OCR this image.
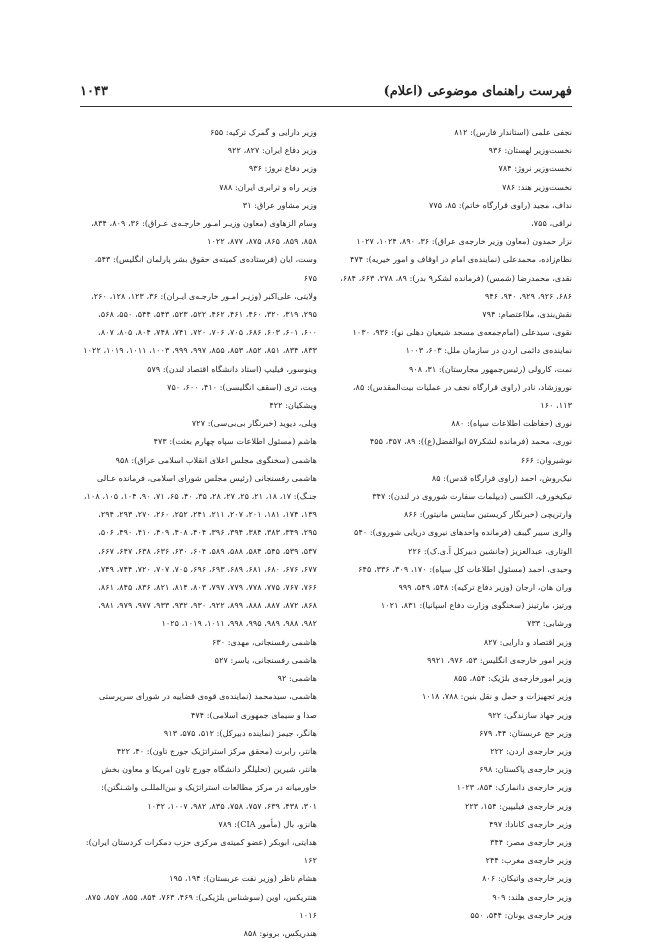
فهرست راهنمای موضوعی (اعلام)
۱۰۴۳
نجفی علمی (استاندار فارس): ۸۱۲
نخست‌وزیر لهستان: ۹۳۶
نخست‌وزیر نروژ: ۷۸۴
نخست‌وزیر هند: ۷۸۶
نداف، مجید (راوی قرارگاه خاتم): ۸۵، ۷۷۵
نراقی، ۷۵۵،
نزار حمدون (معاون وزیر خارجه‌ی عراق): ۳۶، ۸۹۰، ۱۰۲۴، ۱۰۲۷
نظام‌زاده، محمدعلی (نماینده‌ی امام در اوقاف و امور خیریه): ۴۷۴
نقدی، محمدرضا (شمس) (فرمانده لشکر۹ بدر): ۸۹، ۲۷۸، ۶۶۳، ۶۸۴، ۶۸۶، ۹۲۶، ۹۲۹، ۹۴۰، ۹۴۶
نقش‌بندی، ملااعتصام: ۷۹۴
نقوی، سیدعلی (امام‌جمعه‌ی مسجد شیعیان دهلی نو): ۹۳۶، ۱۰۳۰
نماینده‌ی دائمی اردن در سازمان ملل: ۶۰۳، ۱۰۰۳
نمت، کارولی (رئیس‌جمهور مجارستان): ۳۱، ۹۰۸
نوروزشاد، نادر (راوی قرارگاه نجف در عملیات بیت‌المقدس): ۸۵، ۱۱۳، ۱۶۰
نوری (حفاظت اطلاعات سپاه): ۸۸۰
نوری، محمد (فرمانده لشکر۵۷ ابوالفضل(ع)): ۸۹، ۳۵۷، ۴۵۵
نوشیروان: ۶۶۶
نیک‌روش، احمد (راوی قرارگاه قدس): ۸۵
نیکیخورف، الکسی (دیپلمات سفارت شوروی در لندن): ۳۴۷
وارتریچی (خبرنگار کریستین ساینس مانیتور): ۸۶۶
والری سیبر گیبف (فرمانده واحدهای نیروی دریایی شوروی): ۵۴۰
الوتاری، عبدالعزیز (جانشین دبیرکل آ.ی.ک): ۲۲۶
وحیدی، احمد (مسئول اطلاعات کل سپاه): ۱۷۰، ۳۰۹، ۳۳۶، ۶۴۵
وران هان، ارجان (وزیر دفاع ترکیه): ۵۴۸، ۵۴۹، ۹۹۹
ورتیز، مارتینز (سخنگوی وزارت دفاع اسپانیا): ۸۳۱، ۱۰۲۱
ورشابی: ۷۳۳
وزیر اقتصاد و دارایی: ۸۲۷
وزیر امور خارجه‌ی انگلیس: ۵۳، ۹۷۶، ۹۹۲۱
وزیر امورخارجه‌ی بلژیک: ۸۵۴، ۸۵۵
وزیر تجهیزات و حمل و نقل بنین: ۷۸۸، ۱۰۱۸
وزیر جهاد سازندگی: ۹۲۲
وزیر حج عربستان: ۴۴، ۶۷۹
وزیر خارجه‌ی اردن: ۲۲۲
وزیر خارجه‌ی پاکستان: ۶۹۸
وزیر خارجه‌ی دانمارک: ۸۵۴، ۱۰۲۳
وزیر خارجه‌ی فیلیپین: ۱۵۴، ۲۲۳
وزیر خارجه‌ی کانادا: ۴۹۷
وزیر خارجه‌ی مصر: ۳۴۴
وزیر خارجه‌ی مغرب: ۲۴۴
وزیر خارجه‌ی واتیکان: ۸۰۶
وزیر خارجه‌ی هلند: ۹۰۹
وزیر خارجه‌ی یونان: ۵۴۴، ۵۵۰
وزیر دارایی و گمرک ترکیه: ۶۵۵
وزیر دفاع ایران: ۸۲۷، ۹۲۲
وزیر دفاع نروژ: ۹۳۶
وزیر راه و ترابری ایران: ۷۸۸
وزیر مشاور عراق: ۳۱
وسام الزهاوی (معاون وزیـر امـور خارجـه‌ی عـراق): ۳۶، ۸۰۹، ۸۳۴، ۸۵۸، ۸۵۹، ۸۶۵، ۸۷۵، ۸۷۷، ۱۰۲۲
وست، ایان (فرستاده‌ی کمیته‌ی حقوق بشر پارلمان انگلیس): ۵۴۳، ۶۷۵
ولایتی، علی‌اکبر (وزیـر امـور خارجـه‌ی ایـران): ۳۶، ۱۲۳، ۱۲۸، ۲۶۰، ۲۹۵، ۳۱۹، ۳۲۰، ۴۶۰، ۴۶۱، ۴۶۲، ۵۲۲، ۵۲۳، ۵۴۳، ۵۴۴، ۵۵۰، ۵۶۸، ۶۰۰، ۶۰۱، ۶۰۳، ۶۸۶، ۷۰۵، ۷۰۶، ۷۲۰، ۷۴۱، ۷۴۸، ۸۰۴، ۸۰۵، ۸۰۷، ۸۳۳، ۸۳۴، ۸۵۱، ۸۵۲، ۸۵۳، ۸۵۵، ۹۹۷، ۹۹۹، ۱۰۰۳، ۱۰۱۱، ۱۰۱۹، ۱۰۲۲
وینوسور، فیلیپ (استاد دانشگاه اقتصاد لندن): ۵۷۹
ویت، تری (اسقف انگلیسی): ۴۱۰، ۶۰۰، ۷۵۰
ویشکیان: ۴۲۲
ویلی، دیوید (خبرنگار بی‌بی‌سی): ۷۲۷
هاشم (مسئول اطلاعات سپاه چهارم بعثت): ۴۷۳
هاشمی (سخنگوی مجلس اعلای انقلاب اسلامی عراق): ۹۵۸
هاشمی رفسنجانی (رئیس مجلس شورای اسلامی، فرمانده عـالی جنـگ): ۱۷، ۱۸، ۲۱، ۲۵، ۲۷، ۲۸، ۳۵، ۴۰، ۶۵، ۷۱، ۹۰، ۱۰۴، ۱۰۵، ۱۰۸، ۱۳۹، ۱۷۴، ۱۸۱، ۲۰۱، ۲۰۷، ۲۱۱، ۲۴۱، ۲۵۲، ۲۶۰، ۲۷۰، ۲۹۳، ۲۹۴، ۲۹۵، ۳۴۹، ۳۸۳، ۳۸۴، ۳۹۴، ۳۹۶، ۴۰۴، ۴۰۸، ۴۰۹، ۴۱۰، ۴۹۰، ۵۰۶، ۵۳۷، ۵۳۹، ۵۴۵، ۵۸۴، ۵۸۸، ۵۸۹، ۶۰۴، ۶۳۰، ۶۳۶، ۶۳۸، ۶۴۷، ۶۶۷، ۶۷۷، ۶۷۶، ۶۸۰، ۶۸۱، ۶۸۹، ۶۹۳، ۶۹۶، ۷۰۵، ۷۰۷، ۷۲۰، ۷۴۴، ۷۴۹، ۷۶۶، ۷۶۷، ۷۷۵، ۷۷۸، ۷۷۹، ۷۹۷، ۸۰۳، ۸۱۴، ۸۲۱، ۸۳۶، ۸۴۵، ۸۶۱، ۸۶۸، ۸۷۲، ۸۸۷، ۸۸۸، ۸۹۹، ۹۲۲، ۹۳۰، ۹۳۲، ۹۳۳، ۹۷۷، ۹۷۹، ۹۸۱، ۹۸۲، ۹۸۸، ۹۸۹، ۹۹۵، ۹۹۸، ۱۰۱۱، ۱۰۱۹، ۱۰۲۵
هاشمی رفسنجانی، مهدی: ۶۳۰
هاشمی رفسنجانی، یاسر: ۵۲۷
هاشمی: ۹۲
هاشمی، سیدمحمد (نماینده‌ی قوه‌ی قضاییه در شورای سرپرستی صدا و سیمای جمهوری اسلامی): ۴۷۴
هانگر، جیمز (نماینده دبیرکل): ۵۱۲، ۵۷۵، ۹۱۳
هانتر، رابرت (محقق مرکز استراتژیک جورج تاون): ۴۰، ۴۲۲
هانتر، شیرین (تحلیلگر دانشگاه جورج تاون امریکا و معاون بخش خاورمیانه در مرکز مطالعات استراتژیک و بین‌المللـی واشـنگتن): ۳۰۱، ۴۳۸، ۶۳۹، ۷۵۷، ۷۵۸، ۸۳۵، ۹۸۲، ۱۰۰۷، ۱۰۳۲
هانزو، بال (مأمور CIA): ۷۸۹
هدایتی، ابوبکر (عضو کمیته‌ی مرکزی حزب دمکرات کردستان ایران): ۱۶۲
هشام ناظر (وزیر نفت عربستان): ۱۹۴، ۱۹۵
هنتریکس، اوین (سوشناس بلژیکی): ۴۶۹، ۷۶۳، ۸۵۴، ۸۵۵، ۸۵۷، ۸۷۵، ۱۰۱۶
هندریکس، برونو: ۸۵۸
